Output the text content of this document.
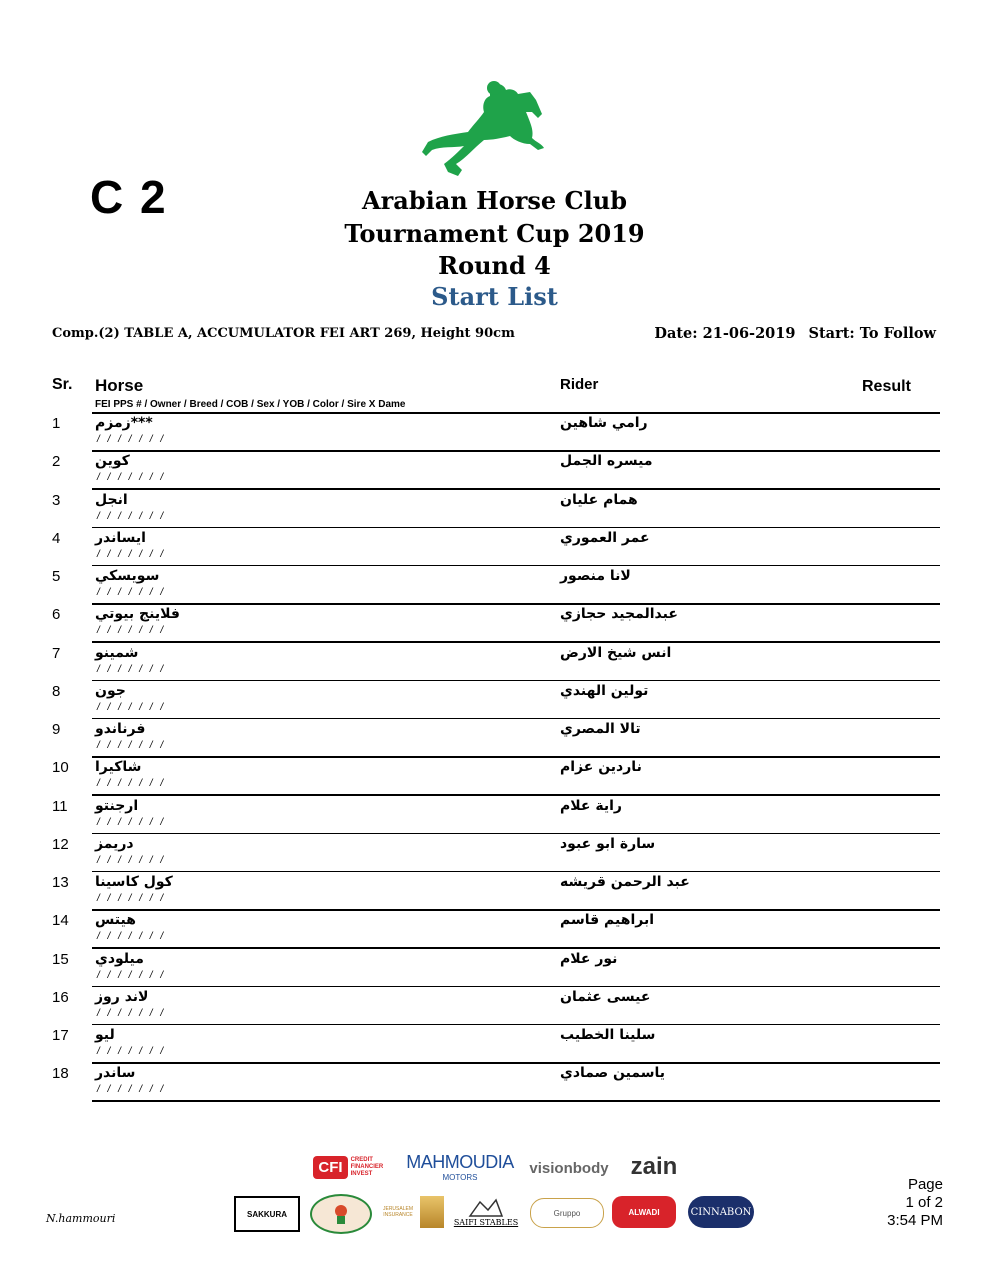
C 2	Arabian Horse Club
Tournament Cup 2019
Round 4
Start List
Comp.(2) TABLE A, ACCUMULATOR FEI ART 269, Height 90cm	Date: 21-06-2019 Start: To Follow
Sr. Horse
FEI PPS # / Owner / Breed / COB / Sex / YOB / Color / Sire X Dame
Rider	Result
1 ***زمزم
/ / / / / / /
رامي شاهين
2 كوين
/ / / / / / /
ميسره الجمل
3 انجل
/ / / / / / /
همام عليان
4 ايساندر
/ / / / / / /
عمر العموري
5 سويسكي
/ / / / / / /
لانا منصور
6 فلاينج بيوتي
/ / / / / / /
عبدالمجيد حجازي
7 شمينو
/ / / / / / /
انس شيخ الارض
8 جون
/ / / / / / /
تولين الهندي
9 فرناندو
/ / / / / / /
تالا المصري
10 شاكيرا
/ / / / / / /
ناردين عزام
11 ارجنتو
/ / / / / / /
راية علام
12 دريمز
/ / / / / / /
سارة ابو عبود
13 كول كاسينا
/ / / / / / /
عبد الرحمن قريشه
14 هيتس
/ / / / / / /
ابراهيم قاسم
15 ميلودي
/ / / / / / /
نور علام
16 لاند روز
/ / / / / / /
عيسى عثمان
17 ليو
/ / / / / / /
سلينا الخطيب
18 ساندر
/ / / / / / /
ياسمين صمادي
CFI	CREDIT FINANCIER INVEST
MAHMOUDIA
MOTORS
visionbody zain
SAKKURA
JERUSALEM INSURANCE
SAIFI STABLES
Gruppo	ALWADI	CINNABON
N.hammouri
Page
1 of 2
3:54 PM
